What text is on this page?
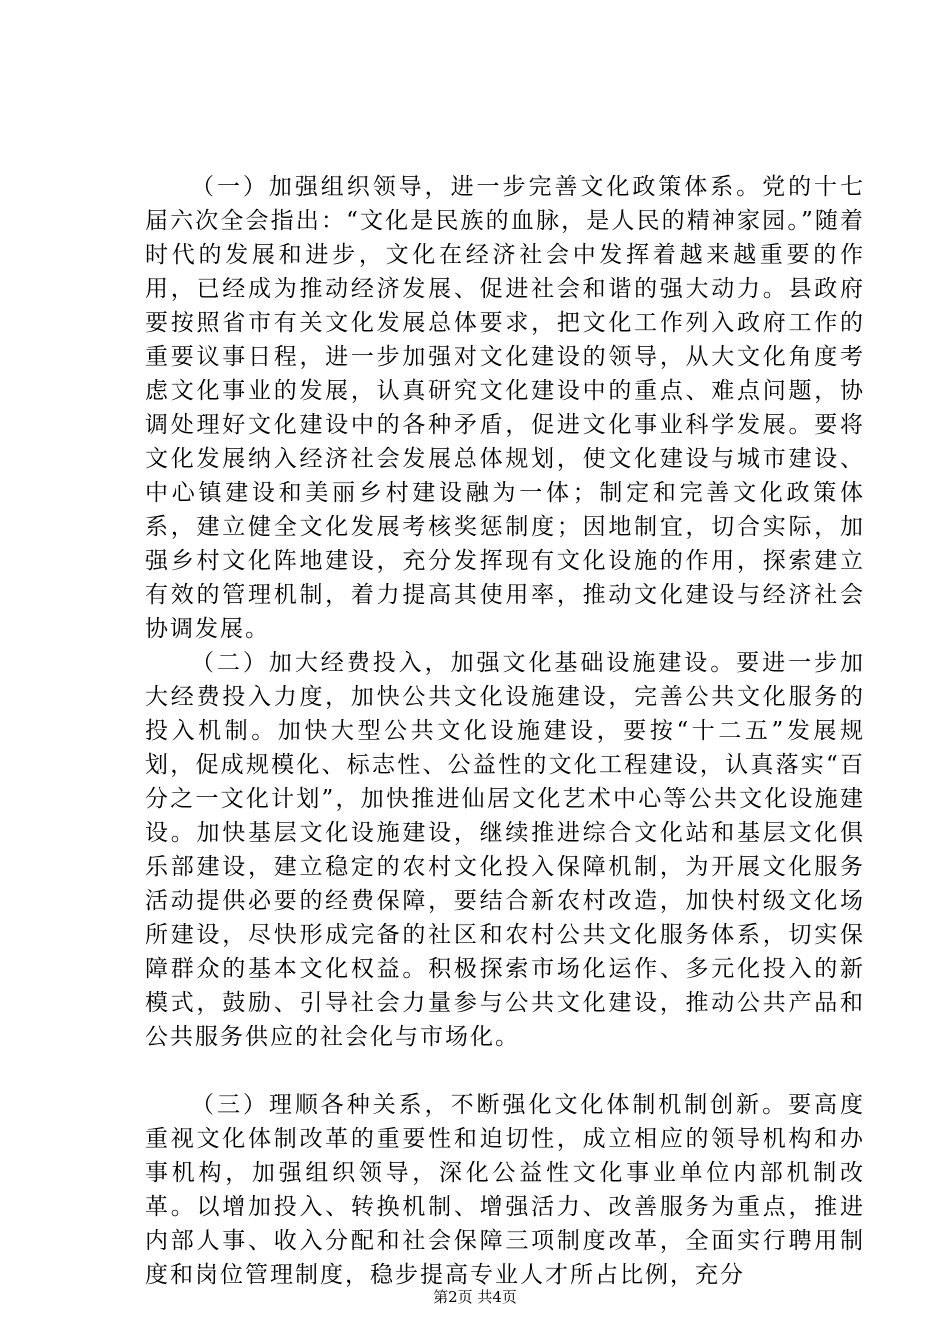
（一）加强组织领导，进一步完善文化政策体系。党的十七届六次全会指出：“文化是民族的血脉，是人民的精神家园。”随着时代的发展和进步，文化在经济社会中发挥着越来越重要的作用，已经成为推动经济发展、促进社会和谐的强大动力。县政府要按照省市有关文化发展总体要求，把文化工作列入政府工作的重要议事日程，进一步加强对文化建设的领导，从大文化角度考虑文化事业的发展，认真研究文化建设中的重点、难点问题，协调处理好文化建设中的各种矛盾，促进文化事业科学发展。要将文化发展纳入经济社会发展总体规划，使文化建设与城市建设、中心镇建设和美丽乡村建设融为一体；制定和完善文化政策体系，建立健全文化发展考核奖惩制度；因地制宜，切合实际，加强乡村文化阵地建设，充分发挥现有文化设施的作用，探索建立有效的管理机制，着力提高其使用率，推动文化建设与经济社会协调发展。

（二）加大经费投入，加强文化基础设施建设。要进一步加大经费投入力度，加快公共文化设施建设，完善公共文化服务的投入机制。加快大型公共文化设施建设，要按“十二五”发展规划，促成规模化、标志性、公益性的文化工程建设，认真落实“百分之一文化计划”，加快推进仙居文化艺术中心等公共文化设施建设。加快基层文化设施建设，继续推进综合文化站和基层文化俱乐部建设，建立稳定的农村文化投入保障机制，为开展文化服务活动提供必要的经费保障，要结合新农村改造，加快村级文化场所建设，尽快形成完备的社区和农村公共文化服务体系，切实保障群众的基本文化权益。积极探索市场化运作、多元化投入的新模式，鼓励、引导社会力量参与公共文化建设，推动公共产品和公共服务供应的社会化与市场化。

（三）理顺各种关系，不断强化文化体制机制创新。要高度重视文化体制改革的重要性和迫切性，成立相应的领导机构和办事机构，加强组织领导，深化公益性文化事业单位内部机制改革。以增加投入、转换机制、增强活力、改善服务为重点，推进内部人事、收入分配和社会保障三项制度改革，全面实行聘用制度和岗位管理制度，稳步提高专业人才所占比例，充分

第2页 共4页
